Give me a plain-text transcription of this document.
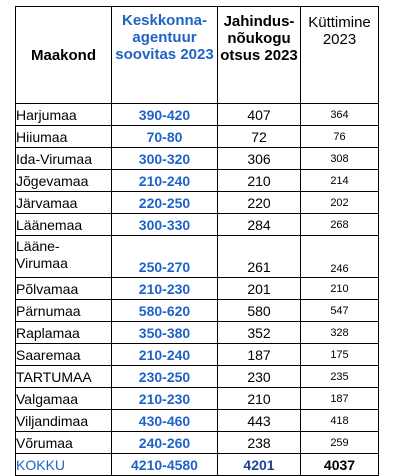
Maakond	Keskkonna-agentuur soovitas 2023	Jahindus-nõukogu otsus 2023	Küttimine 2023
Harjumaa	390-420	407	364
Hiiumaa	70-80	72	76
Ida-Virumaa	300-320	306	308
Jõgevamaa	210-240	210	214
Järvamaa	220-250	220	202
Läänemaa	300-330	284	268
Lääne-Virumaa	250-270	261	246
Põlvamaa	210-230	201	210
Pärnumaa	580-620	580	547
Raplamaa	350-380	352	328
Saaremaa	210-240	187	175
TARTUMAA	230-250	230	235
Valgamaa	210-230	210	187
Viljandimaa	430-460	443	418
Võrumaa	240-260	238	259
KOKKU	4210-4580	4201	4037
